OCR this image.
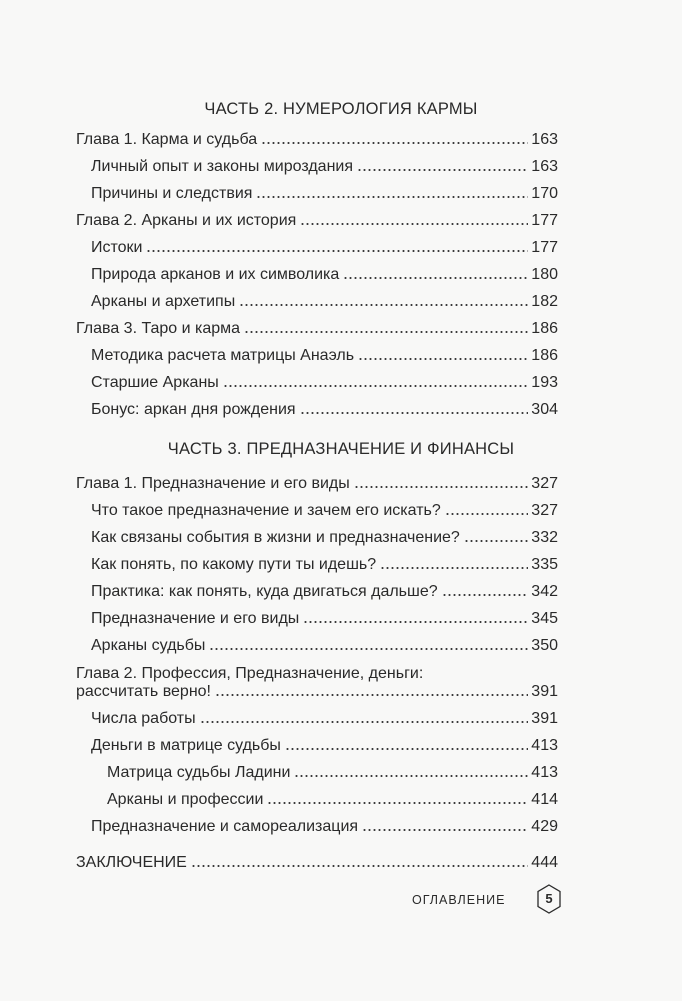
ЧАСТЬ 2. НУМЕРОЛОГИЯ КАРМЫ
Глава 1. Карма и судьба	163
Личный опыт и законы мироздания	163
Причины и следствия	170
Глава 2. Арканы и их история	177
Истоки	177
Природа арканов и их символика	180
Арканы и архетипы	182
Глава 3. Таро и карма	186
Методика расчета матрицы Анаэль	186
Старшие Арканы	193
Бонус: аркан дня рождения	304
ЧАСТЬ 3. ПРЕДНАЗНАЧЕНИЕ И ФИНАНСЫ
Глава 1. Предназначение и его виды	327
Что такое предназначение и зачем его искать?	327
Как связаны события в жизни и предназначение?	332
Как понять, по какому пути ты идешь?	335
Практика: как понять, куда двигаться дальше?	342
Предназначение и его виды	345
Арканы судьбы	350
Глава 2. Профессия, Предназначение, деньги:
рассчитать верно!	391
Числа работы	391
Деньги в матрице судьбы	413
Матрица судьбы Ладини	413
Арканы и профессии	414
Предназначение и самореализация	429
ЗАКЛЮЧЕНИЕ	444
ОГЛАВЛЕНИЕ	5
